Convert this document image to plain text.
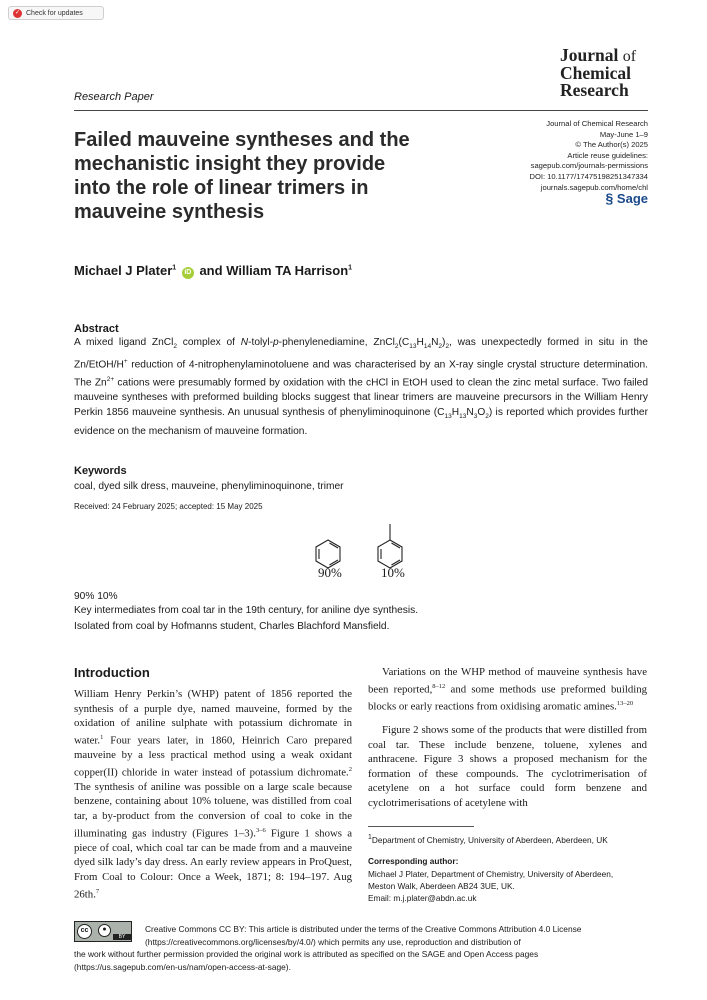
✓ Check for updates
Journal of
Chemical
Research
Research Paper
Failed mauveine syntheses and the mechanistic insight they provide into the role of linear trimers in mauveine synthesis
Journal of Chemical Research
May-June 1–9
© The Author(s) 2025
Article reuse guidelines:
sagepub.com/journals-permissions
DOI: 10.1177/17475198251347334
journals.sagepub.com/home/chl
§ Sage
Michael J Plater$^1$ iD and William TA Harrison$^1$
Abstract
A mixed ligand ZnCl$_2$ complex of N-tolyl-p-phenylenediamine, $ZnCl_2(C_{13}H_{14}N_2)_2$, was unexpectedly formed in situ in the Zn/EtOH/H+ reduction of 4-nitrophenylaminotoluene and was characterised by an X-ray single crystal structure determination. The $Zn^{2+}$ cations were presumably formed by oxidation with the cHCl in EtOH used to clean the zinc metal surface. Two failed mauveine syntheses with preformed building blocks suggest that linear trimers are mauveine precursors in the William Henry Perkin 1856 mauveine synthesis. An unusual synthesis of phenyliminoquinone $(C_{13}H_{13}N_3O_2)$ is reported which provides further evidence on the mechanism of mauveine formation.
Keywords
coal, dyed silk dress, mauveine, phenyliminoquinone, trimer
Received: 24 February 2025; accepted: 15 May 2025
90%	10%
90% 10%
Key intermediates from coal tar in the 19th century, for aniline dye synthesis.
Isolated from coal by Hofmanns student, Charles Blachford Mansfield.
Introduction

William Henry Perkin’s (WHP) patent of 1856 reported the synthesis of a purple dye, named mauveine, formed by the oxidation of aniline sulphate with potassium dichromate in water.$^1$ Four years later, in 1860, Heinrich Caro prepared mauveine by a less practical method using a weak oxidant copper(II) chloride in water instead of potassium dichromate.$^2$ The synthesis of aniline was possible on a large scale because benzene, containing about 10% toluene, was distilled from coal tar, a by-product from the conversion of coal to coke in the illuminating gas industry (Figures 1–3).$^{3-6}$ Figure 1 shows a piece of coal, which coal tar can be made from and a mauveine dyed silk lady’s day dress. An early review appears in ProQuest, From Coal to Colour: Once a Week, 1871; 8: 194–197. Aug 26th.$^7$

Variations on the WHP method of mauveine synthesis have been reported,$^{8-12}$ and some methods use preformed building blocks or early reactions from oxidising aromatic amines.$^{13-20}$

Figure 2 shows some of the products that were distilled from coal tar. These include benzene, toluene, xylenes and anthracene. Figure 3 shows a proposed mechanism for the formation of these compounds. The cyclotrimerisation of acetylene on a hot surface could form benzene and cyclotrimerisations of acetylene with

$^1$Department of Chemistry, University of Aberdeen, Aberdeen, UK
Corresponding author:
Michael J Plater, Department of Chemistry, University of Aberdeen,
Meston Walk, Aberdeen AB24 3UE, UK.
Email: m.j.plater@abdn.ac.uk
cc	●
BY
Creative Commons CC BY: This article is distributed under the terms of the Creative Commons Attribution 4.0 License
(https://creativecommons.org/licenses/by/4.0/) which permits any use, reproduction and distribution of
the work without further permission provided the original work is attributed as specified on the SAGE and Open Access pages
(https://us.sagepub.com/en-us/nam/open-access-at-sage).
